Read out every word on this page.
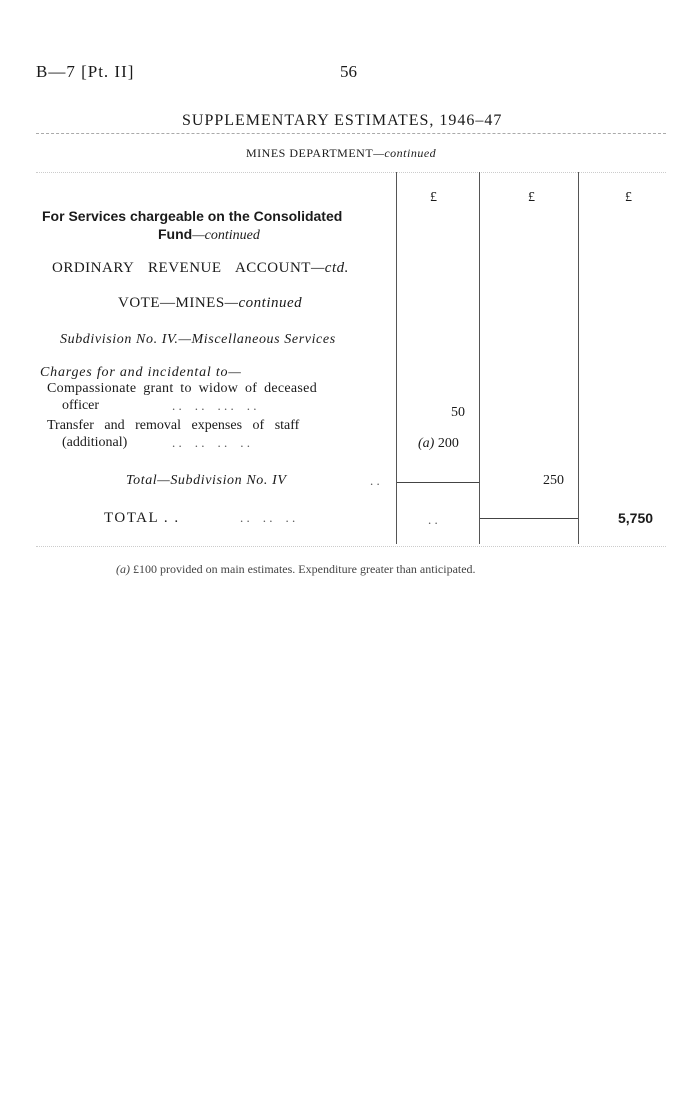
B—7 [Pt. II]	56
SUPPLEMENTARY ESTIMATES, 1946–47
MINES DEPARTMENT—continued
£	£	£
For Services chargeable on the Consolidated
Fund—continued
ORDINARY REVENUE ACCOUNT—ctd.
VOTE—MINES—continued
Subdivision No. IV.—Miscellaneous Services
Charges for and incidental to—
Compassionate grant to widow of deceased
officer	. .    . .    . . .    . .	50
Transfer and removal expenses of staff
(additional)	. .    . .    . .    . .	(a) 200
Total—Subdivision No. IV	. .	250
TOTAL . .	. .    . .    . .	. .	5,750
(a) £100 provided on main estimates. Expenditure greater than anticipated.
